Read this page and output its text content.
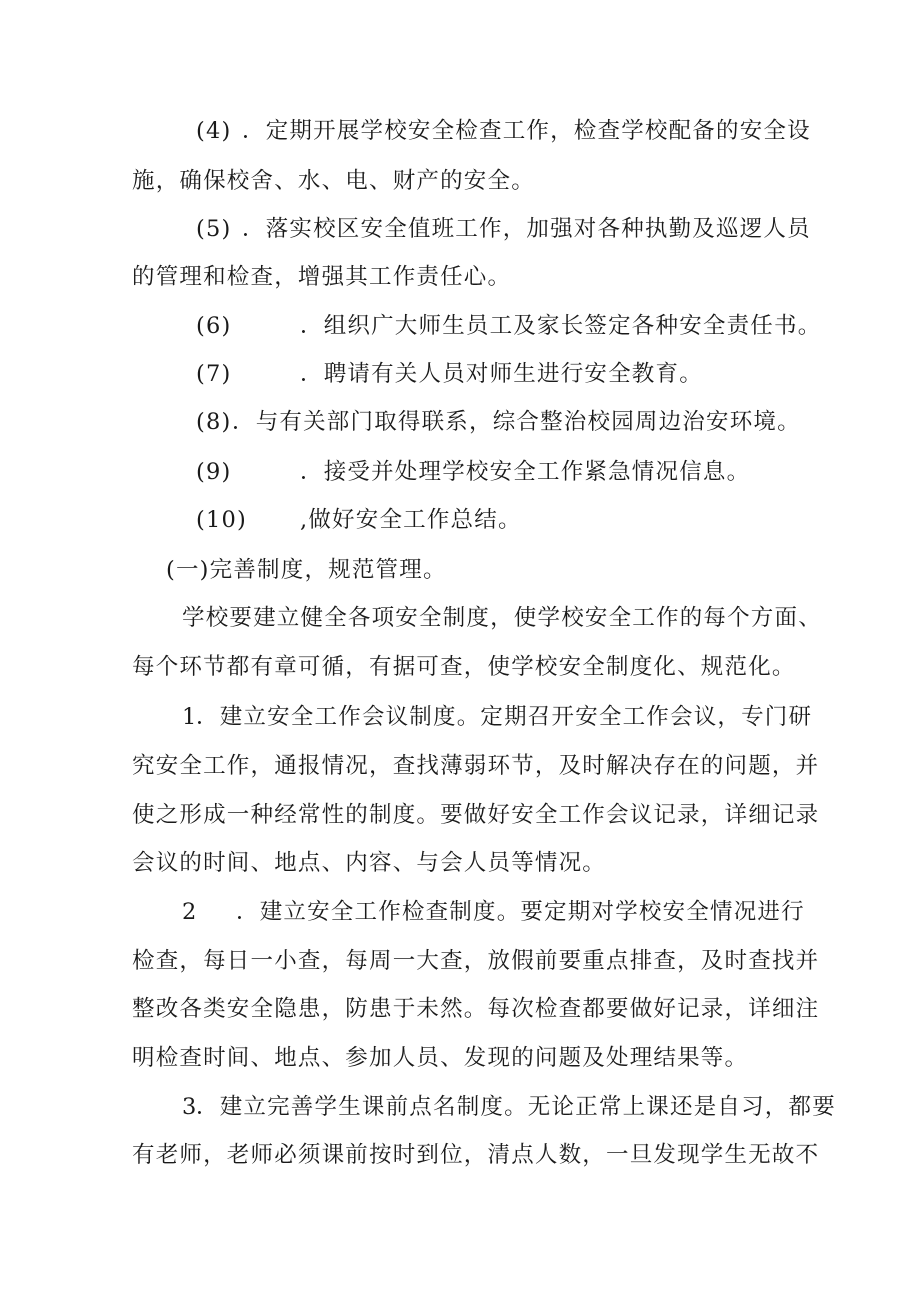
(4) ．定期开展学校安全检查工作，检查学校配备的安全设
施，确保校舍、水、电、财产的安全。
(5) ．落实校区安全值班工作，加强对各种执勤及巡逻人员
的管理和检查，增强其工作责任心。
(6)	．组织广大师生员工及家长签定各种安全责任书。
(7)	．聘请有关人员对师生进行安全教育。
(8) ．与有关部门取得联系，综合整治校园周边治安环境。
(9)	．接受并处理学校安全工作紧急情况信息。
(10) ,做好安全工作总结。
(一)完善制度，规范管理。
学校要建立健全各项安全制度，使学校安全工作的每个方面、
每个环节都有章可循，有据可查，使学校安全制度化、规范化。
1
．建立安全工作会议制度。定期召开安全工作会议，专门研
究安全工作，通报情况，查找薄弱环节，及时解决存在的问题，并
使之形成一种经常性的制度。要做好安全工作会议记录，详细记录
会议的时间、地点、内容、与会人员等情况。
2 ．建立安全工作检查制度。要定期对学校安全情况进行
检查，每日一小查，每周一大查，放假前要重点排查，及时查找并
整改各类安全隐患，防患于未然。每次检查都要做好记录，详细注
明检查时间、地点、参加人员、发现的问题及处理结果等。
3
．建立完善学生课前点名制度。无论正常上课还是自习，都要
有老师，老师必须课前按时到位，清点人数，一旦发现学生无故不
